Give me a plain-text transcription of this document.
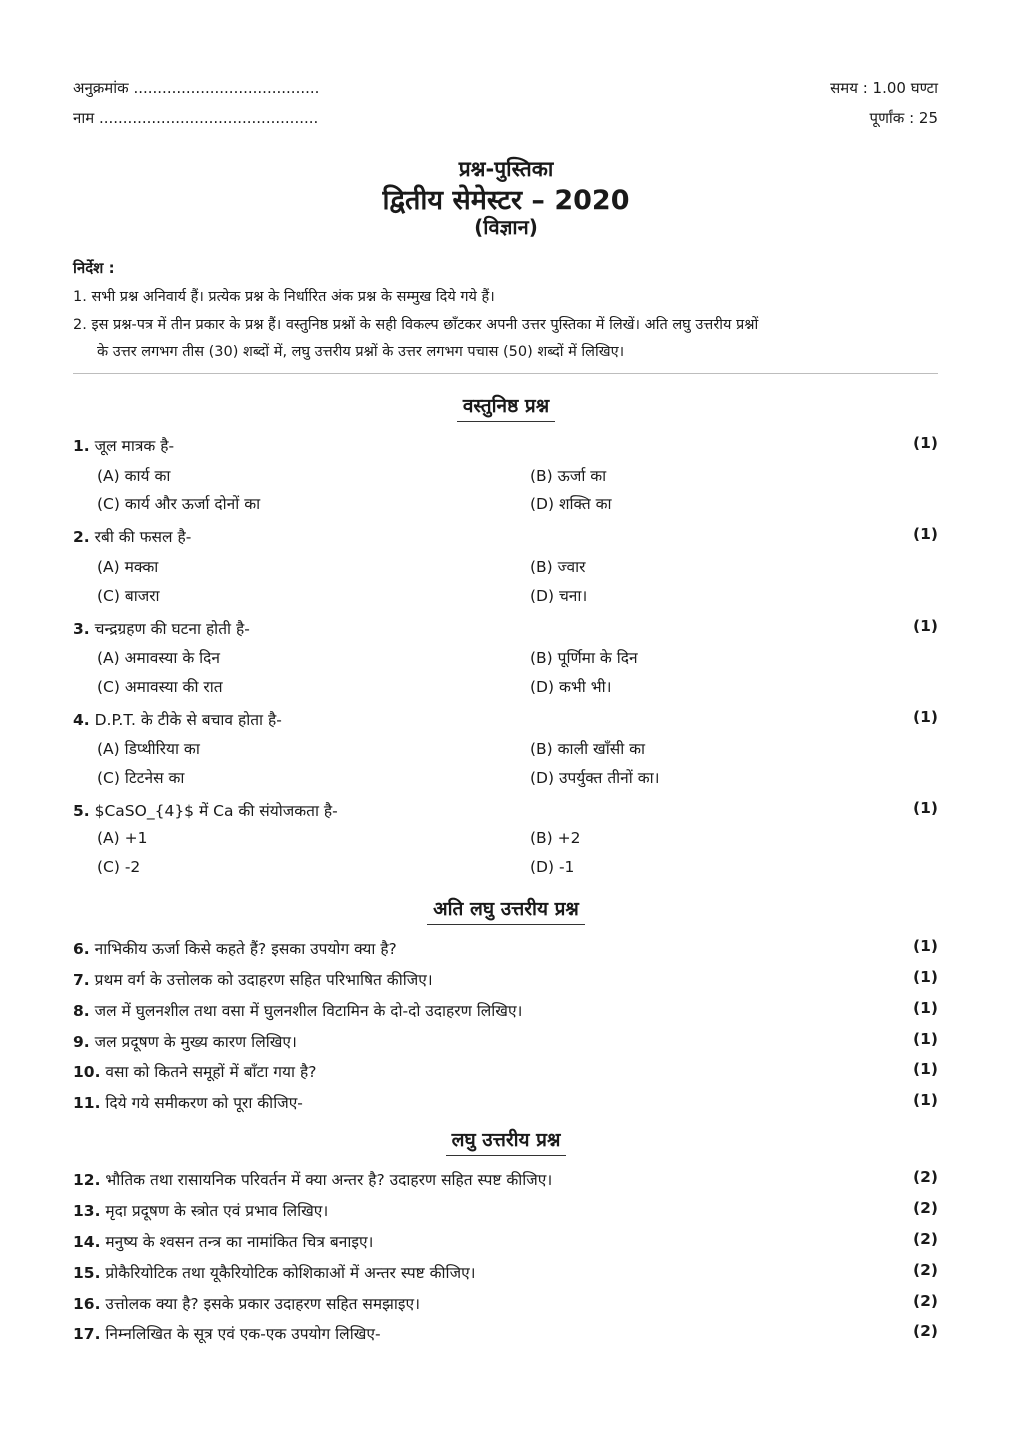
अनुक्रमांक .......................................	समय : 1.00 घण्टा
नाम ..............................................	पूर्णांक : 25
प्रश्न-पुस्तिका
द्वितीय सेमेस्टर – 2020
(विज्ञान)
निर्देश :
1. सभी प्रश्न अनिवार्य हैं। प्रत्येक प्रश्न के निर्धारित अंक प्रश्न के सम्मुख दिये गये हैं।
2. इस प्रश्न-पत्र में तीन प्रकार के प्रश्न हैं। वस्तुनिष्ठ प्रश्नों के सही विकल्प छाँटकर अपनी उत्तर पुस्तिका में लिखें। अति लघु उत्तरीय प्रश्नों
के उत्तर लगभग तीस (30) शब्दों में, लघु उत्तरीय प्रश्नों के उत्तर लगभग पचास (50) शब्दों में लिखिए।
वस्तुनिष्ठ प्रश्न
1. जूल मात्रक है-	(1)
(A) कार्य का	(B) ऊर्जा का
(C) कार्य और ऊर्जा दोनों का	(D) शक्ति का
2. रबी की फसल है-	(1)
(A) मक्का	(B) ज्वार
(C) बाजरा	(D) चना।
3. चन्द्रग्रहण की घटना होती है-	(1)
(A) अमावस्या के दिन	(B) पूर्णिमा के दिन
(C) अमावस्या की रात	(D) कभी भी।
4. D.P.T. के टीके से बचाव होता है-	(1)
(A) डिप्थीरिया का	(B) काली खाँसी का
(C) टिटनेस का	(D) उपर्युक्त तीनों का।
5. $CaSO_{4}$ में Ca की संयोजकता है-	(1)
(A) +1	(B) +2
(C) -2	(D) -1
अति लघु उत्तरीय प्रश्न
6. नाभिकीय ऊर्जा किसे कहते हैं? इसका उपयोग क्या है?	(1)
7. प्रथम वर्ग के उत्तोलक को उदाहरण सहित परिभाषित कीजिए।	(1)
8. जल में घुलनशील तथा वसा में घुलनशील विटामिन के दो-दो उदाहरण लिखिए।	(1)
9. जल प्रदूषण के मुख्य कारण लिखिए।	(1)
10. वसा को कितने समूहों में बाँटा गया है?	(1)
11. दिये गये समीकरण को पूरा कीजिए-	(1)
लघु उत्तरीय प्रश्न
12. भौतिक तथा रासायनिक परिवर्तन में क्या अन्तर है? उदाहरण सहित स्पष्ट कीजिए।	(2)
13. मृदा प्रदूषण के स्त्रोत एवं प्रभाव लिखिए।	(2)
14. मनुष्य के श्वसन तन्त्र का नामांकित चित्र बनाइए।	(2)
15. प्रोकैरियोटिक तथा यूकैरियोटिक कोशिकाओं में अन्तर स्पष्ट कीजिए।	(2)
16. उत्तोलक क्या है? इसके प्रकार उदाहरण सहित समझाइए।	(2)
17. निम्नलिखित के सूत्र एवं एक-एक उपयोग लिखिए-	(2)
